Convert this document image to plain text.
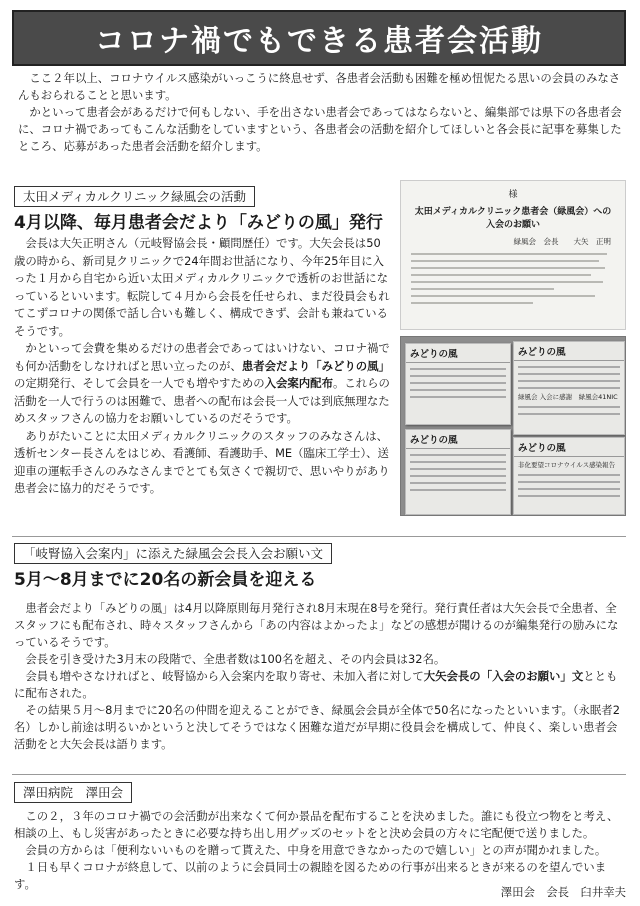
コロナ禍でもできる患者会活動

ここ２年以上、コロナウイルス感染がいっこうに終息せず、各患者会活動も困難を極め忸怩たる思いの会員のみなさんもおられることと思います。

かといって患者会があるだけで何もしない、手を出さない患者会であってはならないと、編集部では県下の各患者会に、コロナ禍であってもこんな活動をしていますという、各患者会の活動を紹介してほしいと各会長に記事を募集したところ、応募があった患者会活動を紹介します。

太田メディカルクリニック緑風会の活動
4月以降、毎月患者会だより「みどりの風」発行

会長は大矢正明さん（元岐腎協会長・顧問歴任）です。大矢会長は50歳の時から、新司見クリニックで24年間お世話になり、今年25年目に入った１月から自宅から近い太田メディカルクリニックで透析のお世話になっているといいます。転院して４月から会長を任せられ、まだ役員会もれてこずコロナの関係で話し合いも難しく、構成できず、会計も兼ねているそうです。

かといって会費を集めるだけの患者会であってはいけない、コロナ禍でも何か活動をしなければと思い立ったのが、患者会だより「みどりの風」の定期発行、そして会員を一人でも増やすための入会案内配布。これらの活動を一人で行うのは困難で、患者への配布は会長一人では到底無理なためスタッフさんの協力をお願いしているのだそうです。

ありがたいことに太田メディカルクリニックのスタッフのみなさんは、透析センター長さんをはじめ、看護師、看護助手、ME（臨床工学士）、送迎車の運転手さんのみなさんまでとても気さくで親切で、思いやりがあり患者会に協力的だそうです。

様
太田メディカルクリニック患者会（緑風会）への入会のお願い
緑風会　会長　　大矢　正明
みどりの風	みどりの風
緑風会 入会に感謝　緑風会41NIC
みどりの風
みどりの風
非化要望コロナウイルス感染報告
「岐腎協入会案内」に添えた緑風会会長入会お願い文
5月～8月までに20名の新会員を迎える

患者会だより「みどりの風」は4月以降原則毎月発行され8月末現在8号を発行。発行責任者は大矢会長で全患者、全スタッフにも配布され、時々スタッフさんから「あの内容はよかったよ」などの感想が聞けるのが編集発行の励みになっているそうです。

会長を引き受けた3月末の段階で、全患者数は100名を超え、その内会員は32名。

会員も増やさなければと、岐腎協から入会案内を取り寄せ、未加入者に対して大矢会長の「入会のお願い」文とともに配布された。

その結果５月～8月までに20名の仲間を迎えることができ、緑風会会員が全体で50名になったといいます。（永眠者2名）しかし前途は明るいかというと決してそうではなく困難な道だが早期に役員会を構成して、仲良く、楽しい患者会活動をと大矢会長は語ります。

澤田病院　澤田会

この２，３年のコロナ禍での会活動が出来なくて何か景品を配布することを決めました。誰にも役立つ物をと考え、相談の上、もし災害があったときに必要な持ち出し用グッズのセットをと決め会員の方々に宅配便で送りました。

会員の方からは「便利ないいものを贈って貰えた、中身を用意できなかったので嬉しい」との声が聞かれました。

１日も早くコロナが終息して、以前のように会員同士の親睦を図るための行事が出来るときが来るのを望んでいます。

澤田会　会長　臼井幸夫
